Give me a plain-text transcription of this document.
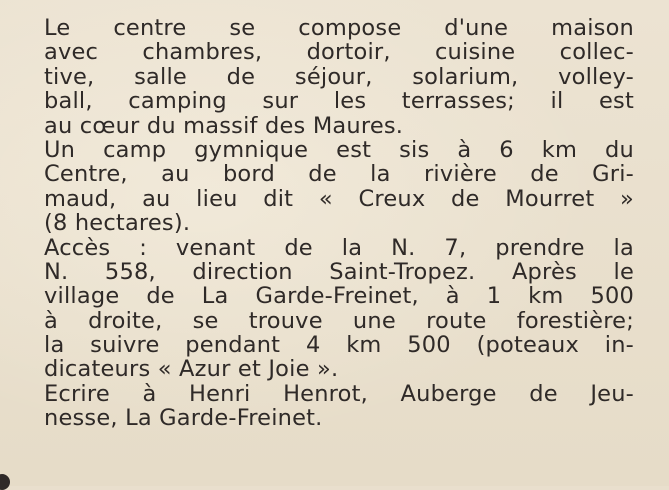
Le centre se compose d'une maison
avec chambres, dortoir, cuisine collec-
tive, salle de séjour, solarium, volley-
ball, camping sur les terrasses; il est
au cœur du massif des Maures.
Un camp gymnique est sis à 6 km du
Centre, au bord de la rivière de Gri-
maud, au lieu dit « Creux de Mourret »
(8 hectares).
Accès : venant de la N. 7, prendre la
N. 558, direction Saint-Tropez. Après le
village de La Garde-Freinet, à 1 km 500
à droite, se trouve une route forestière;
la suivre pendant 4 km 500 (poteaux in-
dicateurs « Azur et Joie ».
Ecrire à Henri Henrot, Auberge de Jeu-
nesse, La Garde-Freinet.
